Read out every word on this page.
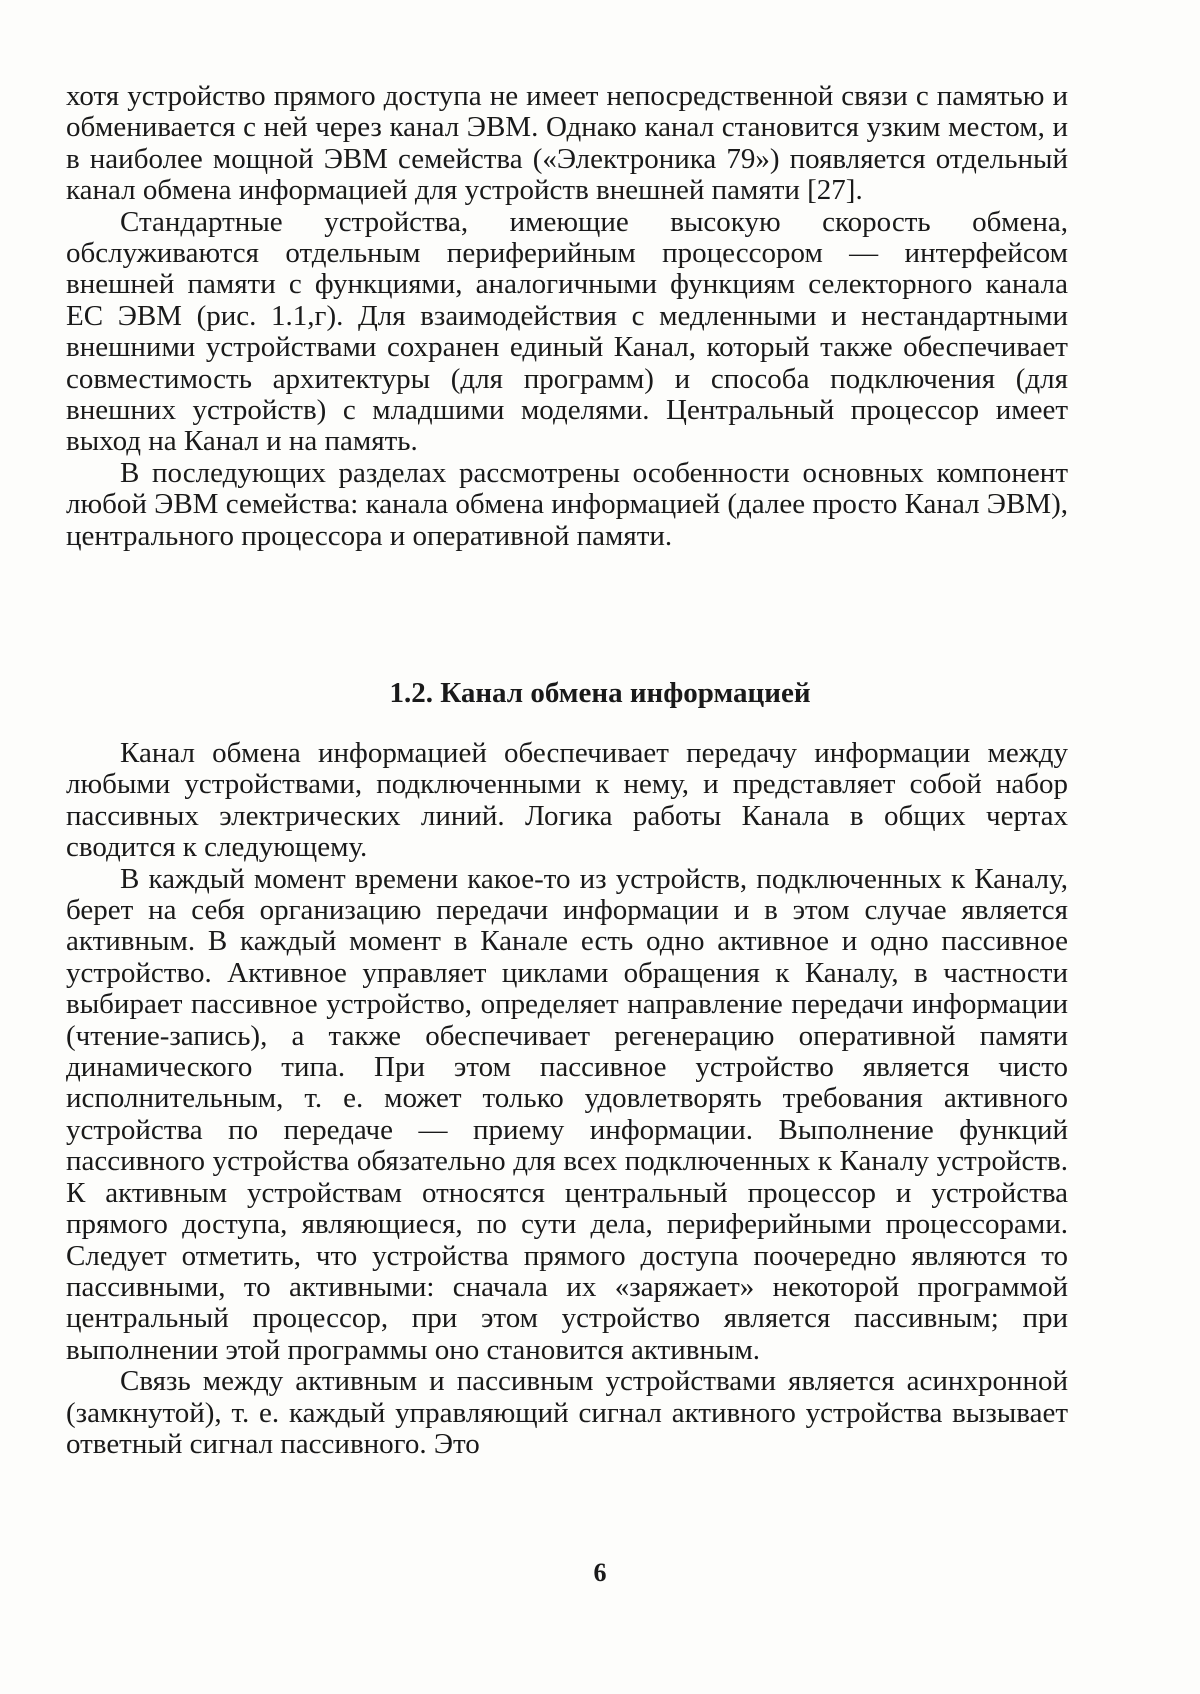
хотя устройство прямого доступа не имеет непосредственной связи с памятью и обменивается с ней через канал ЭВМ. Однако канал становится узким местом, и в наиболее мощной ЭВМ семейства («Электроника 79») появляется отдельный канал обмена информацией для устройств внешней памяти [27].

Стандартные устройства, имеющие высокую скорость обмена, обслуживаются отдельным периферийным процессором — интерфейсом внешней памяти с функциями, аналогичными функциям селекторного канала ЕС ЭВМ (рис. 1.1,г). Для взаимодействия с медленными и нестандартными внешними устройствами сохранен единый Канал, который также обеспечивает совместимость архитектуры (для программ) и способа подключения (для внешних устройств) с младшими моделями. Центральный процессор имеет выход на Канал и на память.

В последующих разделах рассмотрены особенности основных компонент любой ЭВМ семейства: канала обмена информацией (далее просто Канал ЭВМ), центрального процессора и оперативной памяти.

1.2. Канал обмена информацией

Канал обмена информацией обеспечивает передачу информации между любыми устройствами, подключенными к нему, и представляет собой набор пассивных электрических линий. Логика работы Канала в общих чертах сводится к следующему.

В каждый момент времени какое-то из устройств, подключенных к Каналу, берет на себя организацию передачи информации и в этом случае является активным. В каждый момент в Канале есть одно активное и одно пассивное устройство. Активное управляет циклами обращения к Каналу, в частности выбирает пассивное устройство, определяет направление передачи информации (чтение-запись), а также обеспечивает регенерацию оперативной памяти динамического типа. При этом пассивное устройство является чисто исполнительным, т. е. может только удовлетворять требования активного устройства по передаче — приему информации. Выполнение функций пассивного устройства обязательно для всех подключенных к Каналу устройств. К активным устройствам относятся центральный процессор и устройства прямого доступа, являющиеся, по сути дела, периферийными процессорами. Следует отметить, что устройства прямого доступа поочередно являются то пассивными, то активными: сначала их «заряжает» некоторой программой центральный процессор, при этом устройство является пассивным; при выполнении этой программы оно становится активным.

Связь между активным и пассивным устройствами является асинхронной (замкнутой), т. е. каждый управляющий сигнал активного устройства вызывает ответный сигнал пассивного. Это

6
